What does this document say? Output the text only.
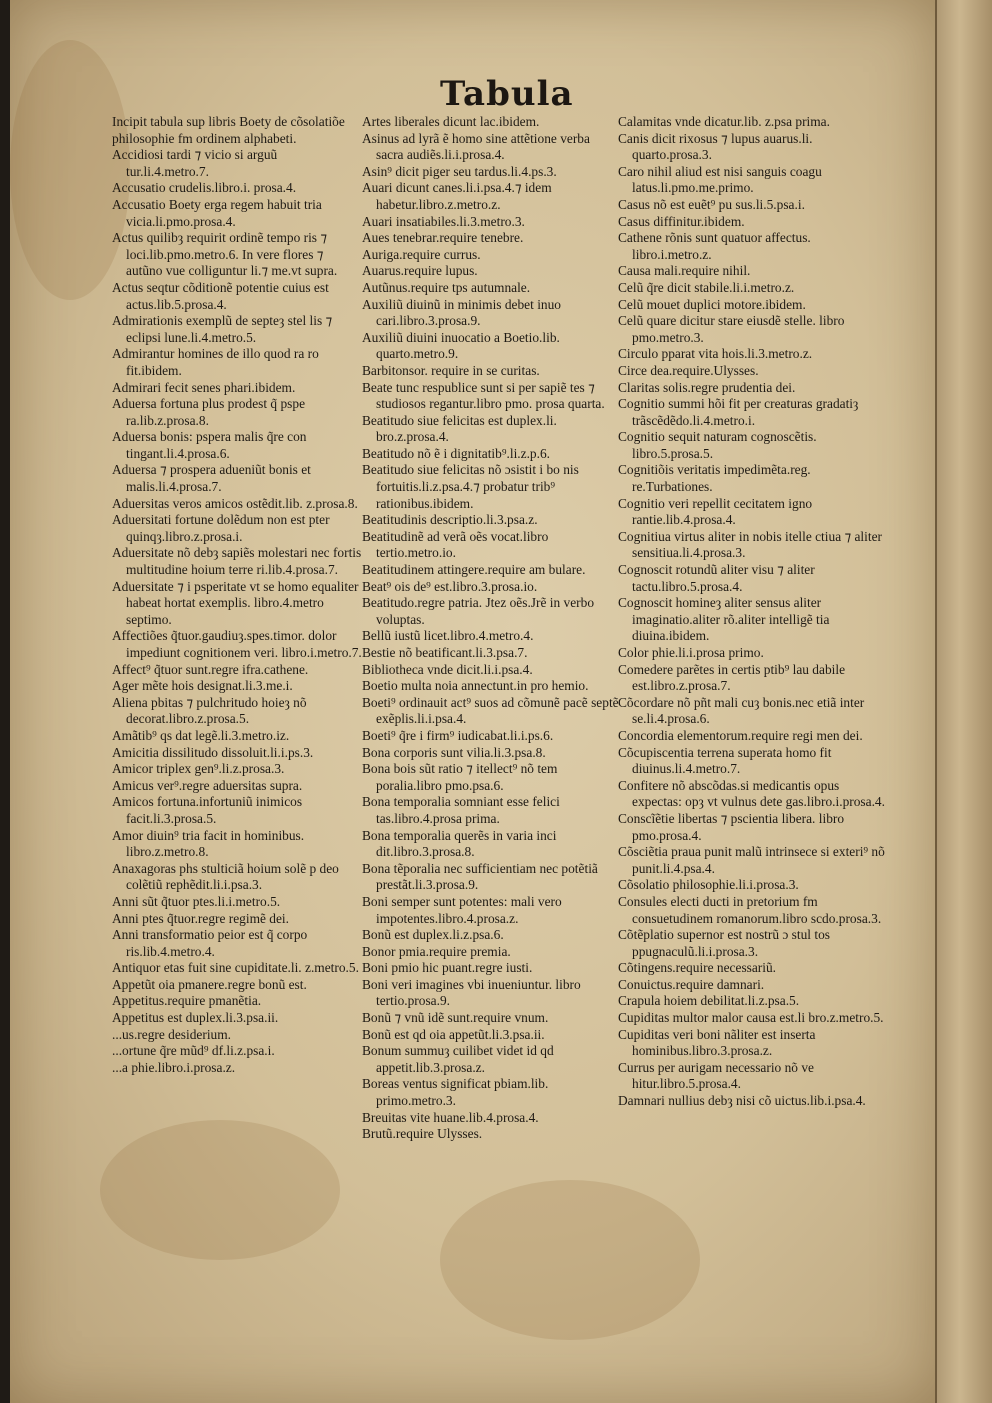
Tabula

Incipit tabula sup libris Boety de cõsolatiõe philosophie fm ordinem alphabeti.

Accidiosi tardi ⁊ vicio si arguũ tur.li.4.metro.7.

Accusatio crudelis.libro.i. prosa.4.

Accusatio Boety erga regem habuit tria vicia.li.pmo.prosa.4.

Actus quilibȝ requirit ordinẽ tempo ris ⁊ loci.lib.pmo.metro.6. In vere flores ⁊ autũno vue colliguntur li.⁊ me.vt supra.

Actus seqtur cõditionẽ potentie cuius est actus.lib.5.prosa.4.

Admirationis exemplũ de septeȝ stel lis ⁊ eclipsi lune.li.4.metro.5.

Admirantur homines de illo quod ra ro fit.ibidem.

Admirari fecit senes phari.ibidem.

Aduersa fortuna plus prodest q̃ pspe ra.lib.z.prosa.8.

Aduersa bonis: pspera malis q̃re con tingant.li.4.prosa.6.

Aduersa ⁊ prospera adueniũt bonis et malis.li.4.prosa.7.

Aduersitas veros amicos ostẽdit.lib. z.prosa.8.

Aduersitati fortune dolẽdum non est pter quinqȝ.libro.z.prosa.i.

Aduersitate nõ debȝ sapiẽs molestari nec fortis multitudine hoium terre ri.lib.4.prosa.7.

Aduersitate ⁊ i psperitate vt se homo equaliter habeat hortat exemplis. libro.4.metro septimo.

Affectiões q̃tuor.gaudiuȝ.spes.timor. dolor impediunt cognitionem veri. libro.i.metro.7.

Affect⁹ q̃tuor sunt.regre ifra.cathene.

Ager mẽte hois designat.li.3.me.i.

Aliena pbitas ⁊ pulchritudo hoieȝ nõ decorat.libro.z.prosa.5.

Amãtib⁹ qs dat legẽ.li.3.metro.iz.

Amicitia dissilitudo dissoluit.li.i.ps.3.

Amicor triplex gen⁹.li.z.prosa.3.

Amicus ver⁹.regre aduersitas supra.

Amicos fortuna.infortuniũ inimicos facit.li.3.prosa.5.

Amor diuin⁹ tria facit in hominibus. libro.z.metro.8.

Anaxagoras phs stulticiã hoium solẽ p deo colẽtiũ rephẽdit.li.i.psa.3.

Anni sũt q̃tuor ptes.li.i.metro.5.

Anni ptes q̃tuor.regre regimẽ dei.

Anni transformatio peior est q̃ corpo ris.lib.4.metro.4.

Antiquor etas fuit sine cupiditate.li. z.metro.5.

Appetũt oia pmanere.regre bonũ est.

Appetitus.require pmanẽtia.

Appetitus est duplex.li.3.psa.ii.

...us.regre desiderium.

...ortune q̃re mũd⁹ df.li.z.psa.i.

...a phie.libro.i.prosa.z.

Artes liberales dicunt lac.ibidem.

Asinus ad lyrã ẽ homo sine attẽtione verba sacra audiẽs.li.i.prosa.4.

Asin⁹ dicit piger seu tardus.li.4.ps.3.

Auari dicunt canes.li.i.psa.4.⁊ idem habetur.libro.z.metro.z.

Auari insatiabiles.li.3.metro.3.

Aues tenebrar.require tenebre.

Auriga.require currus.

Auarus.require lupus.

Autũnus.require tps autumnale.

Auxiliũ diuinũ in minimis debet inuo cari.libro.3.prosa.9.

Auxiliũ diuini inuocatio a Boetio.lib. quarto.metro.9.

Barbitonsor. require in se curitas.

Beate tunc respublice sunt si per sapiẽ tes ⁊ studiosos regantur.libro pmo. prosa quarta.

Beatitudo siue felicitas est duplex.li. bro.z.prosa.4.

Beatitudo nõ ẽ i dignitatib⁹.li.z.p.6.

Beatitudo siue felicitas nõ ɔsistit i bo nis fortuitis.li.z.psa.4.⁊ probatur trib⁹ rationibus.ibidem.

Beatitudinis descriptio.li.3.psa.z.

Beatitudinẽ ad verã oẽs vocat.libro tertio.metro.io.

Beatitudinem attingere.require am bulare.

Beat⁹ ois de⁹ est.libro.3.prosa.io.

Beatitudo.regre patria. Jtez oẽs.Jrẽ in verbo voluptas.

Bellũ iustũ licet.libro.4.metro.4.

Bestie nõ beatificant.li.3.psa.7.

Bibliotheca vnde dicit.li.i.psa.4.

Boetio multa noia annectunt.in pro hemio.

Boeti⁹ ordinauit act⁹ suos ad cõmunẽ pacẽ septẽ exẽplis.li.i.psa.4.

Boeti⁹ q̃re i firm⁹ iudicabat.li.i.ps.6.

Bona corporis sunt vilia.li.3.psa.8.

Bona bois sũt ratio ⁊ itellect⁹ nõ tem poralia.libro pmo.psa.6.

Bona temporalia somniant esse felici tas.libro.4.prosa prima.

Bona temporalia querẽs in varia inci dit.libro.3.prosa.8.

Bona tẽporalia nec sufficientiam nec potẽtiã prestãt.li.3.prosa.9.

Boni semper sunt potentes: mali vero impotentes.libro.4.prosa.z.

Bonũ est duplex.li.z.psa.6.

Bonor pmia.require premia.

Boni pmio hic puant.regre iusti.

Boni veri imagines vbi inueniuntur. libro tertio.prosa.9.

Bonũ ⁊ vnũ idẽ sunt.require vnum.

Bonũ est qd oia appetũt.li.3.psa.ii.

Bonum summuȝ cuilibet videt id qd appetit.lib.3.prosa.z.

Boreas ventus significat pbiam.lib. primo.metro.3.

Breuitas vite huane.lib.4.prosa.4.

Brutũ.require Ulysses.

Calamitas vnde dicatur.lib. z.psa prima.

Canis dicit rixosus ⁊ lupus auarus.li. quarto.prosa.3.

Caro nihil aliud est nisi sanguis coagu latus.li.pmo.me.primo.

Casus nõ est euẽt⁹ pu sus.li.5.psa.i.

Casus diffinitur.ibidem.

Cathene rõnis sunt quatuor affectus. libro.i.metro.z.

Causa mali.require nihil.

Celũ q̃re dicit stabile.li.i.metro.z.

Celũ mouet duplici motore.ibidem.

Celũ quare dicitur stare eiusdẽ stelle. libro pmo.metro.3.

Circulo pparat vita hois.li.3.metro.z.

Circe dea.require.Ulysses.

Claritas solis.regre prudentia dei.

Cognitio summi hõi fit per creaturas gradatiȝ trãscẽdẽdo.li.4.metro.i.

Cognitio sequit naturam cognoscẽtis. libro.5.prosa.5.

Cognitiõis veritatis impedimẽta.reg. re.Turbationes.

Cognitio veri repellit cecitatem igno rantie.lib.4.prosa.4.

Cognitiua virtus aliter in nobis itelle ctiua ⁊ aliter sensitiua.li.4.prosa.3.

Cognoscit rotundũ aliter visu ⁊ aliter tactu.libro.5.prosa.4.

Cognoscit homineȝ aliter sensus aliter imaginatio.aliter rõ.aliter intelligẽ tia diuina.ibidem.

Color phie.li.i.prosa primo.

Comedere parẽtes in certis ptib⁹ lau dabile est.libro.z.prosa.7.

Cõcordare nõ pñt mali cuȝ bonis.nec etiã inter se.li.4.prosa.6.

Concordia elementorum.require regi men dei.

Cõcupiscentia terrena superata homo fit diuinus.li.4.metro.7.

Confitere nõ abscõdas.si medicantis opus expectas: opȝ vt vulnus dete gas.libro.i.prosa.4.

Conscĩẽtie libertas ⁊ pscientia libera. libro pmo.prosa.4.

Cõsciẽtia praua punit malũ intrinsece si exteri⁹ nõ punit.li.4.psa.4.

Cõsolatio philosophie.li.i.prosa.3.

Consules electi ducti in pretorium fm consuetudinem romanorum.libro scdo.prosa.3.

Cõtẽplatio supernor est nostrũ ɔ stul tos ppugnaculũ.li.i.prosa.3.

Cõtingens.require necessariũ.

Conuictus.require damnari.

Crapula hoiem debilitat.li.z.psa.5.

Cupiditas multor malor causa est.li bro.z.metro.5.

Cupiditas veri boni nãliter est inserta hominibus.libro.3.prosa.z.

Currus per aurigam necessario nõ ve hitur.libro.5.prosa.4.

Damnari nullius debȝ nisi cõ uictus.lib.i.psa.4.
